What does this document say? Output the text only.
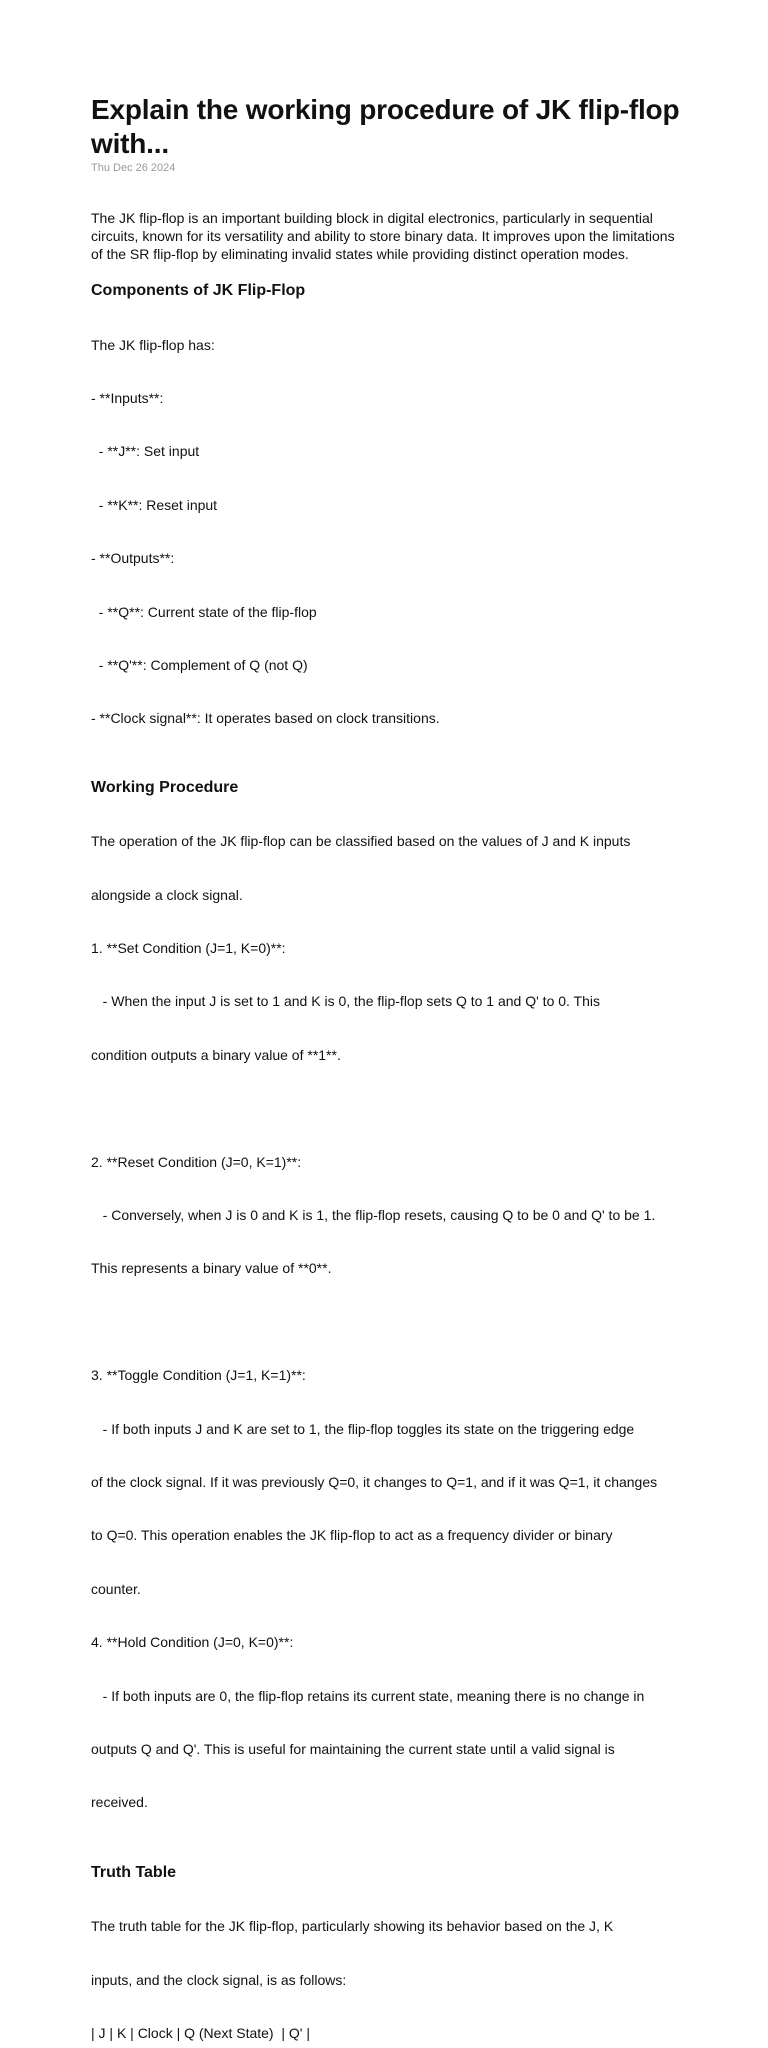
Explain the working procedure of JK flip-flop with...
Thu Dec 26 2024

The JK flip-flop is an important building block in digital electronics, particularly in sequential circuits, known for its versatility and ability to store binary data. It improves upon the limitations of the SR flip-flop by eliminating invalid states while providing distinct operation modes.

Components of JK Flip-Flop

The JK flip-flop has:

- **Inputs**:

- **J**: Set input

- **K**: Reset input

- **Outputs**:

- **Q**: Current state of the flip-flop

- **Q'**: Complement of Q (not Q)

- **Clock signal**: It operates based on clock transitions.

Working Procedure

The operation of the JK flip-flop can be classified based on the values of J and K inputs

alongside a clock signal.

1. **Set Condition (J=1, K=0)**:

- When the input J is set to 1 and K is 0, the flip-flop sets Q to 1 and Q' to 0. This

condition outputs a binary value of **1**.

2. **Reset Condition (J=0, K=1)**:

- Conversely, when J is 0 and K is 1, the flip-flop resets, causing Q to be 0 and Q' to be 1.

This represents a binary value of **0**.

3. **Toggle Condition (J=1, K=1)**:

- If both inputs J and K are set to 1, the flip-flop toggles its state on the triggering edge

of the clock signal. If it was previously Q=0, it changes to Q=1, and if it was Q=1, it changes

to Q=0. This operation enables the JK flip-flop to act as a frequency divider or binary

counter.

4. **Hold Condition (J=0, K=0)**:

- If both inputs are 0, the flip-flop retains its current state, meaning there is no change in

outputs Q and Q'. This is useful for maintaining the current state until a valid signal is

received.

Truth Table

The truth table for the JK flip-flop, particularly showing its behavior based on the J, K

inputs, and the clock signal, is as follows:

| J | K | Clock | Q (Next State)  | Q' |
